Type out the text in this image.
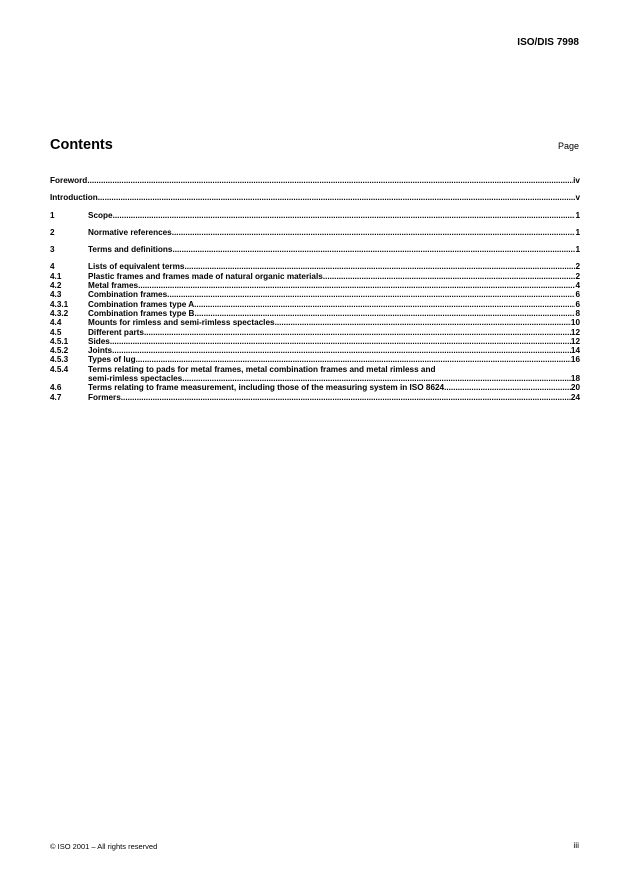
ISO/DIS 7998
Contents	Page
Foreword .....	iv
Introduction .....	v
1	Scope .....	1
2	Normative references .....	1
3	Terms and definitions .....	1
4	Lists of equivalent terms .....	2
4.1	Plastic frames and frames made of natural organic materials .....	2
4.2	Metal frames .....	4
4.3	Combination frames .....	6
4.3.1	Combination frames type A .....	6
4.3.2	Combination frames type B .....	8
4.4	Mounts for rimless and semi-rimless spectacles .....	10
4.5	Different parts .....	12
4.5.1	Sides .....	12
4.5.2	Joints .....	14
4.5.3	Types of lug .....	16
4.5.4	Terms relating to pads for metal frames, metal combination frames and metal rimless and
semi-rimless spectacles .....	18
4.6	Terms relating to frame measurement, including those of the measuring system in ISO 8624 .....	20
4.7	Formers .....	24
© ISO 2001 – All rights reserved	iii
